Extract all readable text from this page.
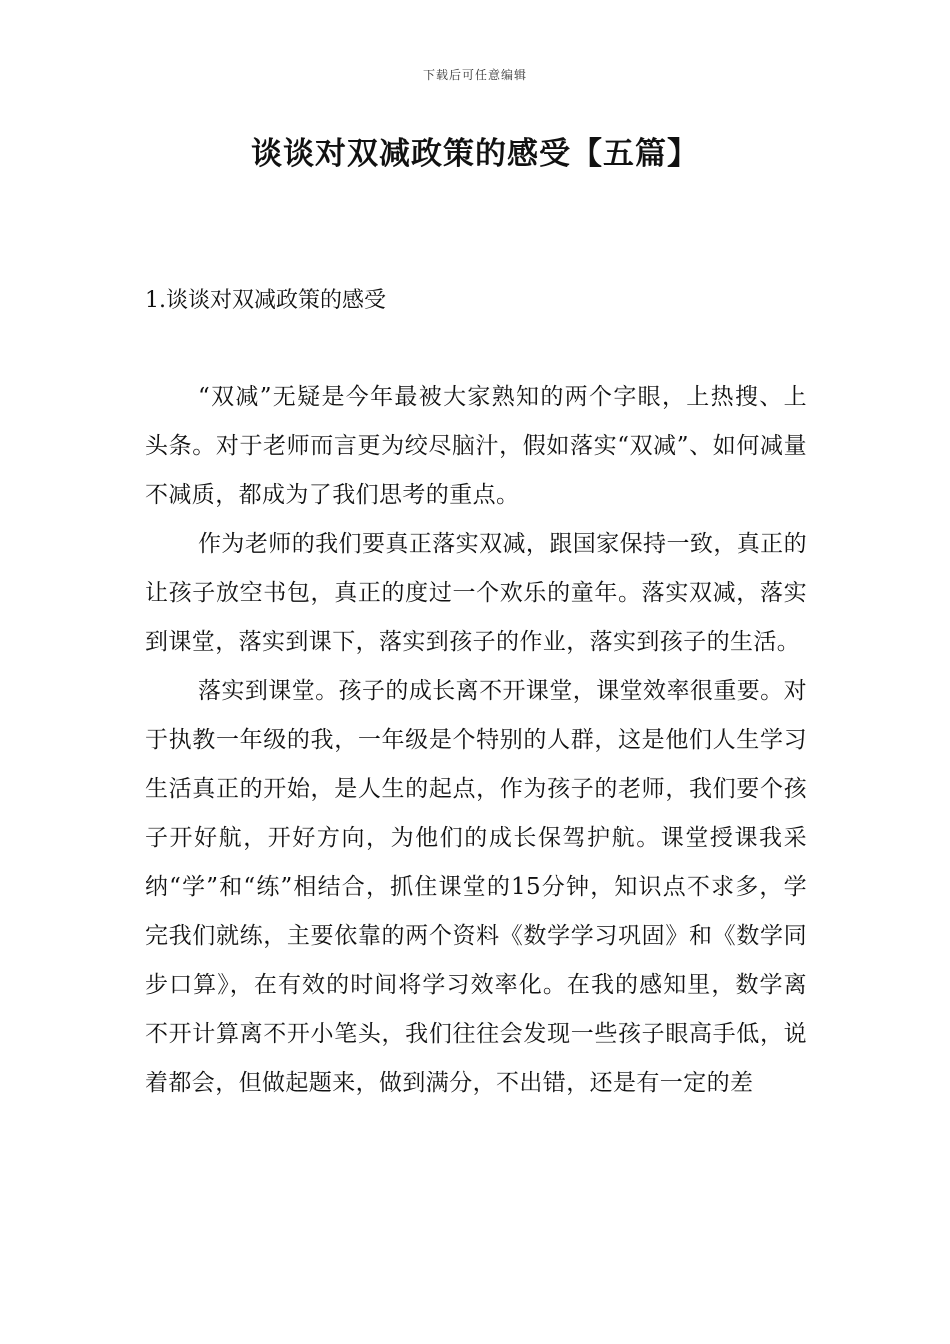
下载后可任意编辑
谈谈对双减政策的感受【五篇】
1.谈谈对双减政策的感受

“双减”无疑是今年最被大家熟知的两个字眼，上热搜、上头条。对于老师而言更为绞尽脑汁，假如落实“双减”、如何减量不减质，都成为了我们思考的重点。

作为老师的我们要真正落实双减，跟国家保持一致，真正的让孩子放空书包，真正的度过一个欢乐的童年。落实双减，落实到课堂，落实到课下，落实到孩子的作业，落实到孩子的生活。

落实到课堂。孩子的成长离不开课堂，课堂效率很重要。对于执教一年级的我，一年级是个特别的人群，这是他们人生学习生活真正的开始，是人生的起点，作为孩子的老师，我们要个孩子开好航，开好方向，为他们的成长保驾护航。课堂授课我采纳“学”和“练”相结合，抓住课堂的15分钟，知识点不求多，学完我们就练，主要依靠的两个资料《数学学习巩固》和《数学同步口算》，在有效的时间将学习效率化。在我的感知里，数学离不开计算离不开小笔头，我们往往会发现一些孩子眼高手低，说着都会，但做起题来，做到满分，不出错，还是有一定的差
